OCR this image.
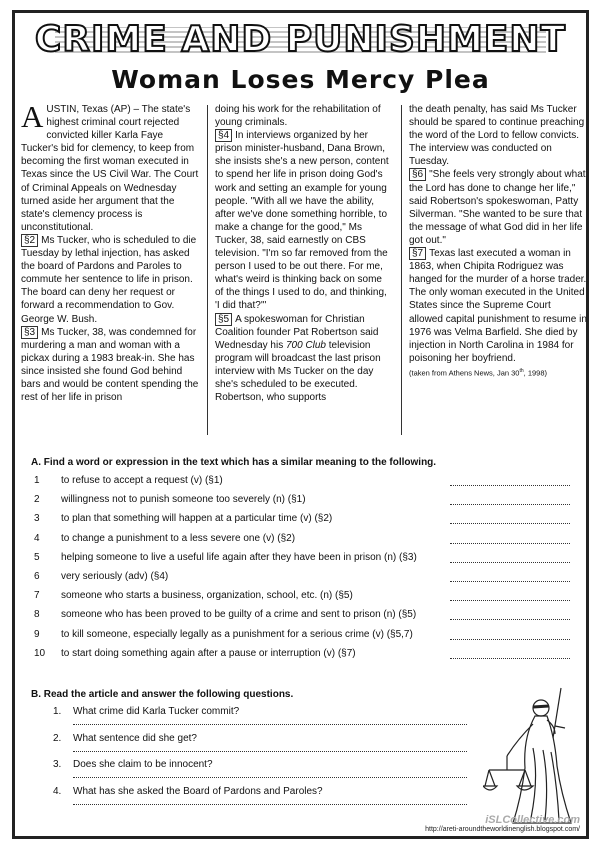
CRIME AND PUNISHMENT
Woman Loses Mercy Plea

AUSTIN, Texas (AP) – The state's highest criminal court rejected convicted killer Karla Faye Tucker's bid for clemency, to keep from becoming the first woman executed in Texas since the US Civil War. The Court of Criminal Appeals on Wednesday turned aside her argument that the state's clemency process is unconstitutional.

§2 Ms Tucker, who is scheduled to die Tuesday by lethal injection, has asked the board of Pardons and Paroles to commute her sentence to life in prison. The board can deny her request or forward a recommendation to Gov. George W. Bush.

§3 Ms Tucker, 38, was condemned for murdering a man and woman with a pickax during a 1983 break-in. She has since insisted she found God behind bars and would be content spending the rest of her life in prison

doing his work for the rehabilitation of young criminals.

§4 In interviews organized by her prison minister-husband, Dana Brown, she insists she's a new person, content to spend her life in prison doing God's work and setting an example for young people. "With all we have the ability, after we've done something horrible, to make a change for the good," Ms Tucker, 38, said earnestly on CBS television. "I'm so far removed from the person I used to be out there. For me, what's weird is thinking back on some of the things I used to do, and thinking, 'I did that?'"

§5 A spokeswoman for Christian Coalition founder Pat Robertson said Wednesday his 700 Club television program will broadcast the last prison interview with Ms Tucker on the day she's scheduled to be executed. Robertson, who supports

the death penalty, has said Ms Tucker should be spared to continue preaching the word of the Lord to fellow convicts. The interview was conducted on Tuesday.

§6 "She feels very strongly about what the Lord has done to change her life," said Robertson's spokeswoman, Patty Silverman. "She wanted to be sure that the message of what God did in her life got out."

§7 Texas last executed a woman in 1863, when Chipita Rodriguez was hanged for the murder of a horse trader. The only woman executed in the United States since the Supreme Court allowed capital punishment to resume in 1976 was Velma Barfield. She died by injection in North Carolina in 1984 for poisoning her boyfriend.

(taken from Athens News, Jan 30th, 1998)

A. Find a word or expression in the text which has a similar meaning to the following.
1 to refuse to accept a request (v) (§1)
2 willingness not to punish someone too severely (n) (§1)
3 to plan that something will happen at a particular time (v) (§2)
4 to change a punishment to a less severe one (v) (§2)
5 helping someone to live a useful life again after they have been in prison (n) (§3)
6 very seriously (adv) (§4)
7 someone who starts a business, organization, school, etc. (n) (§5)
8 someone who has been proved to be guilty of a crime and sent to prison (n) (§5)
9 to kill someone, especially legally as a punishment for a serious crime (v) (§5,7)
10 to start doing something again after a pause or interruption (v) (§7)
B. Read the article and answer the following questions.
1. What crime did Karla Tucker commit?
2. What sentence did she get?
3. Does she claim to be innocent?
4. What has she asked the Board of Pardons and Paroles?
iSLCollective.com
http://areti-aroundtheworldinenglish.blogspot.com/
